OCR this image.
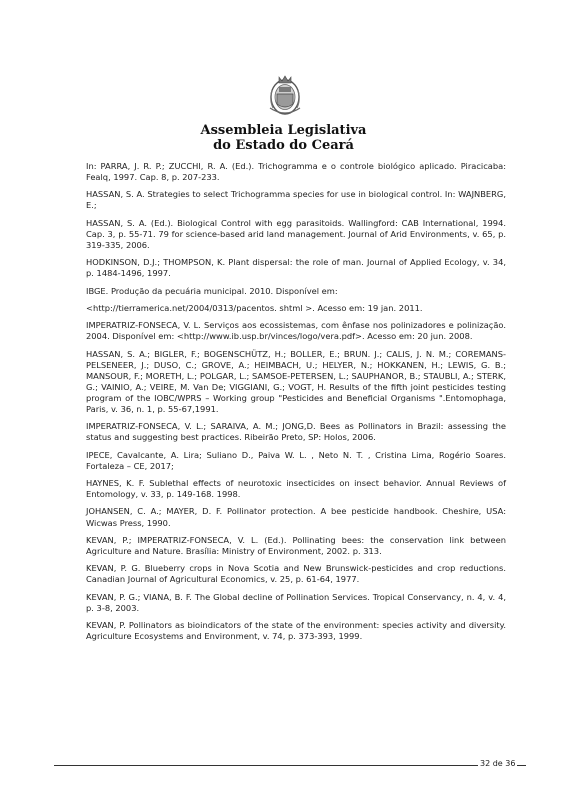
Assembleia Legislativa
do Estado do Ceará

In: PARRA, J. R. P.; ZUCCHI, R. A. (Ed.). Trichogramma e o controle biológico aplicado. Piracicaba: Fealq, 1997. Cap. 8, p. 207-233.

HASSAN, S. A. Strategies to select Trichogramma species for use in biological control. In: WAJNBERG, E.;

HASSAN, S. A. (Ed.). Biological Control with egg parasitoids. Wallingford: CAB International, 1994. Cap. 3, p. 55-71. 79 for science-based arid land management. Journal of Arid Environments, v. 65, p. 319-335, 2006.

HODKINSON, D.J.; THOMPSON, K. Plant dispersal: the role of man. Journal of Applied Ecology, v. 34, p. 1484-1496, 1997.

IBGE. Produção da pecuária municipal. 2010. Disponível em:

<http://tierramerica.net/2004/0313/pacentos. shtml >. Acesso em: 19 jan. 2011.

IMPERATRIZ-FONSECA, V. L. Serviços aos ecossistemas, com ênfase nos polinizadores e polinização. 2004. Disponível em: <http://www.ib.usp.br/vinces/logo/vera.pdf>. Acesso em: 20 jun. 2008.

HASSAN, S. A.; BIGLER, F.; BOGENSCHÜTZ, H.; BOLLER, E.; BRUN. J.; CALIS, J. N. M.; COREMANS-PELSENEER, J.; DUSO, C.; GROVE, A.; HEIMBACH, U.; HELYER, N.; HOKKANEN, H.; LEWIS, G. B.; MANSOUR, F.; MORETH, L.; POLGAR, L.; SAMSOE-PETERSEN, L.; SAUPHANOR, B.; STAUBLI, A.; STERK, G.; VAINIO, A.; VEIRE, M. Van De; VIGGIANI, G.; VOGT, H. Results of the fifth joint pesticides testing program of the IOBC/WPRS – Working group "Pesticides and Beneficial Organisms ".Entomophaga, Paris, v. 36, n. 1, p. 55-67,1991.

IMPERATRIZ-FONSECA, V. L.; SARAIVA, A. M.; JONG,D. Bees as Pollinators in Brazil: assessing the status and suggesting best practices. Ribeirão Preto, SP: Holos, 2006.

IPECE, Cavalcante, A. Lira; Suliano D., Paiva W. L. , Neto N. T. , Cristina Lima, Rogério Soares. Fortaleza – CE, 2017;

HAYNES, K. F. Sublethal effects of neurotoxic insecticides on insect behavior. Annual Reviews of Entomology, v. 33, p. 149-168. 1998.

JOHANSEN, C. A.; MAYER, D. F. Pollinator protection. A bee pesticide handbook. Cheshire, USA: Wicwas Press, 1990.

KEVAN, P.; IMPERATRIZ-FONSECA, V. L. (Ed.). Pollinating bees: the conservation link between Agriculture and Nature. Brasília: Ministry of Environment, 2002. p. 313.

KEVAN, P. G. Blueberry crops in Nova Scotia and New Brunswick-pesticides and crop reductions. Canadian Journal of Agricultural Economics, v. 25, p. 61-64, 1977.

KEVAN, P. G.; VIANA, B. F. The Global decline of Pollination Services. Tropical Conservancy, n. 4, v. 4, p. 3-8, 2003.

KEVAN, P. Pollinators as bioindicators of the state of the environment: species activity and diversity. Agriculture Ecosystems and Environment, v. 74, p. 373-393, 1999.

32 de 36
